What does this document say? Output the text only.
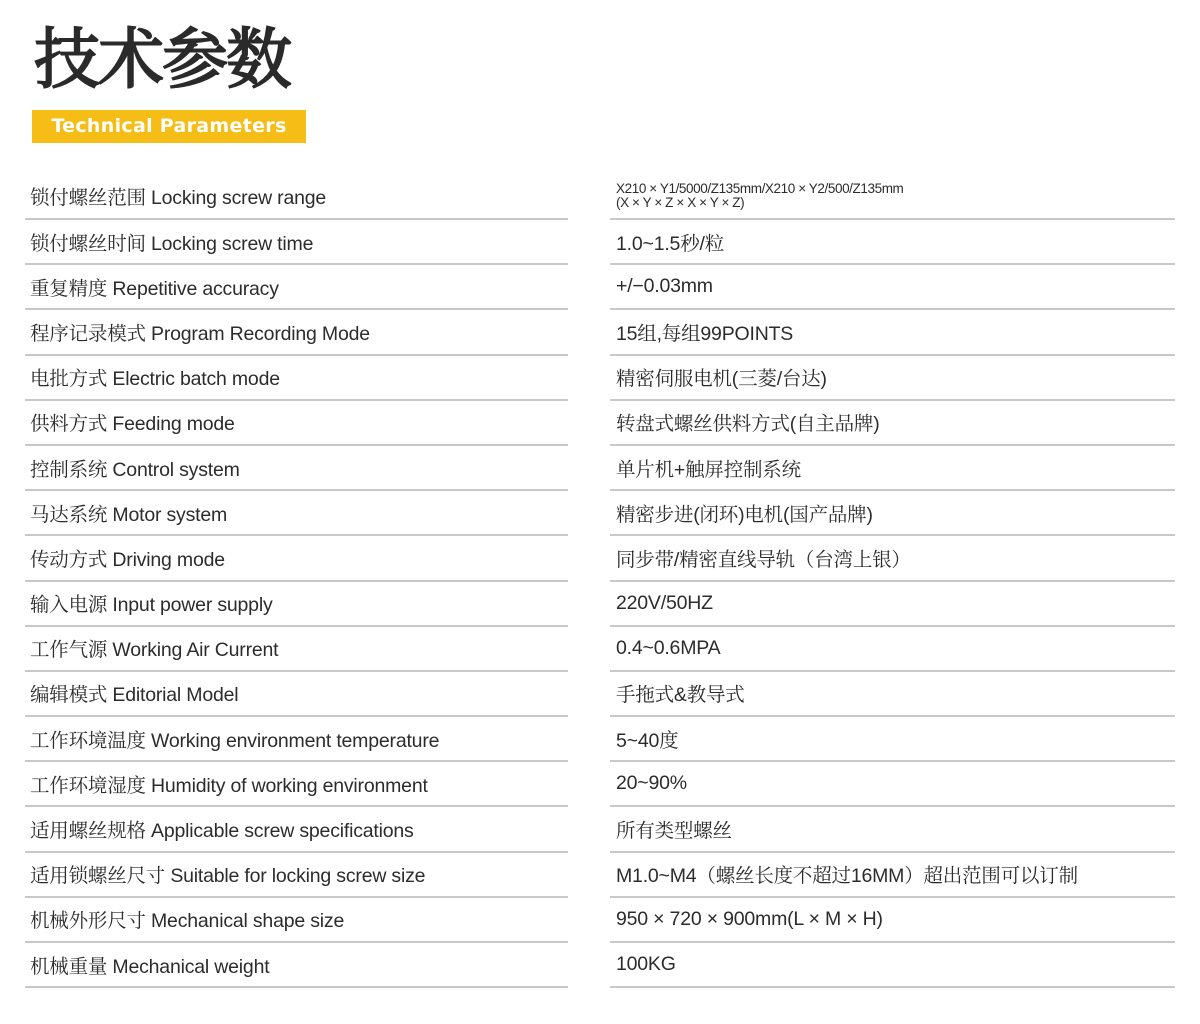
技术参数
Technical Parameters
锁付螺丝范围 Locking screw range
锁付螺丝时间 Locking screw time
重复精度 Repetitive accuracy
程序记录模式 Program Recording Mode
电批方式 Electric batch mode
供料方式 Feeding mode
控制系统 Control system
马达系统 Motor system
传动方式 Driving mode
输入电源 Input power supply
工作气源 Working Air Current
编辑模式 Editorial Model
工作环境温度 Working environment temperature
工作环境湿度 Humidity of working environment
适用螺丝规格 Applicable screw specifications
适用锁螺丝尺寸 Suitable for locking screw size
机械外形尺寸 Mechanical shape size
机械重量 Mechanical weight
X210 × Y1/5000/Z135mm/X210 × Y2/500/Z135mm
(X × Y × Z × X × Y × Z)
1.0~1.5秒/粒
+/−0.03mm
15组,每组99POINTS
精密伺服电机(三菱/台达)
转盘式螺丝供料方式(自主品牌)
单片机+触屏控制系统
精密步进(闭环)电机(国产品牌)
同步带/精密直线导轨（台湾上银）
220V/50HZ
0.4~0.6MPA
手拖式&教导式
5~40度
20~90%
所有类型螺丝
M1.0~M4（螺丝长度不超过16MM）超出范围可以订制
950 × 720 × 900mm(L × M × H)
100KG
